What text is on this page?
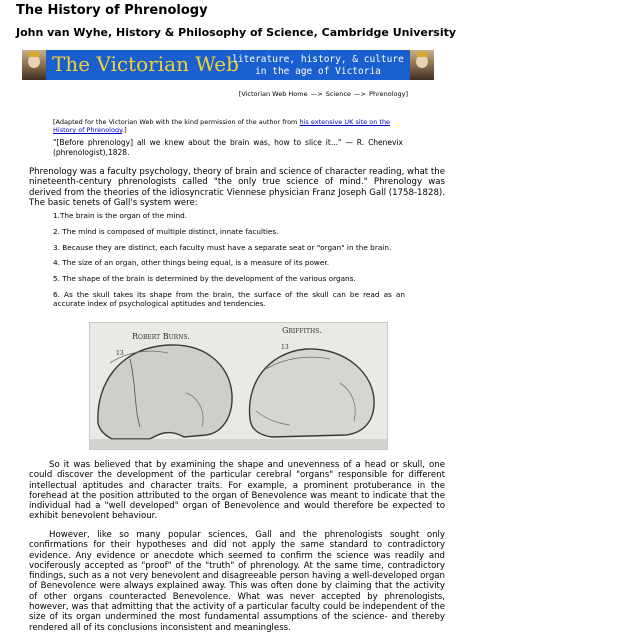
The History of Phrenology
John van Wyhe, History & Philosophy of Science, Cambridge University
The Victorian Web
literature, history, & culture in the age of Victoria
[Victorian Web Home —> Science —> Phrenology]
[Adapted for the Victorian Web with the kind permission of the author from his extensive UK site on the History of Phrenology.]
"[Before phrenology] all we knew about the brain was, how to slice it..." — R. Chenevix (phrenologist),1828.

Phrenology was a faculty psychology, theory of brain and science of character reading, what the nineteenth-century phrenologists called "the only true science of mind." Phrenology was derived from the theories of the idiosyncratic Viennese physician Franz Joseph Gall (1758-1828). The basic tenets of Gall's system were:

1.The brain is the organ of the mind.
2. The mind is composed of multiple distinct, innate faculties.
3. Because they are distinct, each faculty must have a separate seat or "organ" in the brain.
4. The size of an organ, other things being equal, is a measure of its power.
5. The shape of the brain is determined by the development of the various organs.
6. As the skull takes its shape from the brain, the surface of the skull can be read as an accurate index of psychological aptitudes and tendencies.
Robert Burns.
Griffiths.
13
13

So it was believed that by examining the shape and unevenness of a head or skull, one could discover the development of the particular cerebral "organs" responsible for different intellectual aptitudes and character traits. For example, a prominent protuberance in the forehead at the position attributed to the organ of Benevolence was meant to indicate that the individual had a "well developed" organ of Benevolence and would therefore be expected to exhibit benevolent behaviour.

However, like so many popular sciences, Gall and the phrenologists sought only confirmations for their hypotheses and did not apply the same standard to contradictory evidence. Any evidence or anecdote which seemed to confirm the science was readily and vociferously accepted as "proof" of the "truth" of phrenology. At the same time, contradictory findings, such as a not very benevolent and disagreeable person having a well-developed organ of Benevolence were always explained away. This was often done by claiming that the activity of other organs counteracted Benevolence. What was never accepted by phrenologists, however, was that admitting that the activity of a particular faculty could be independent of the size of its organ undermined the most fundamental assumptions of the science- and thereby rendered all of its conclusions inconsistent and meaningless.
